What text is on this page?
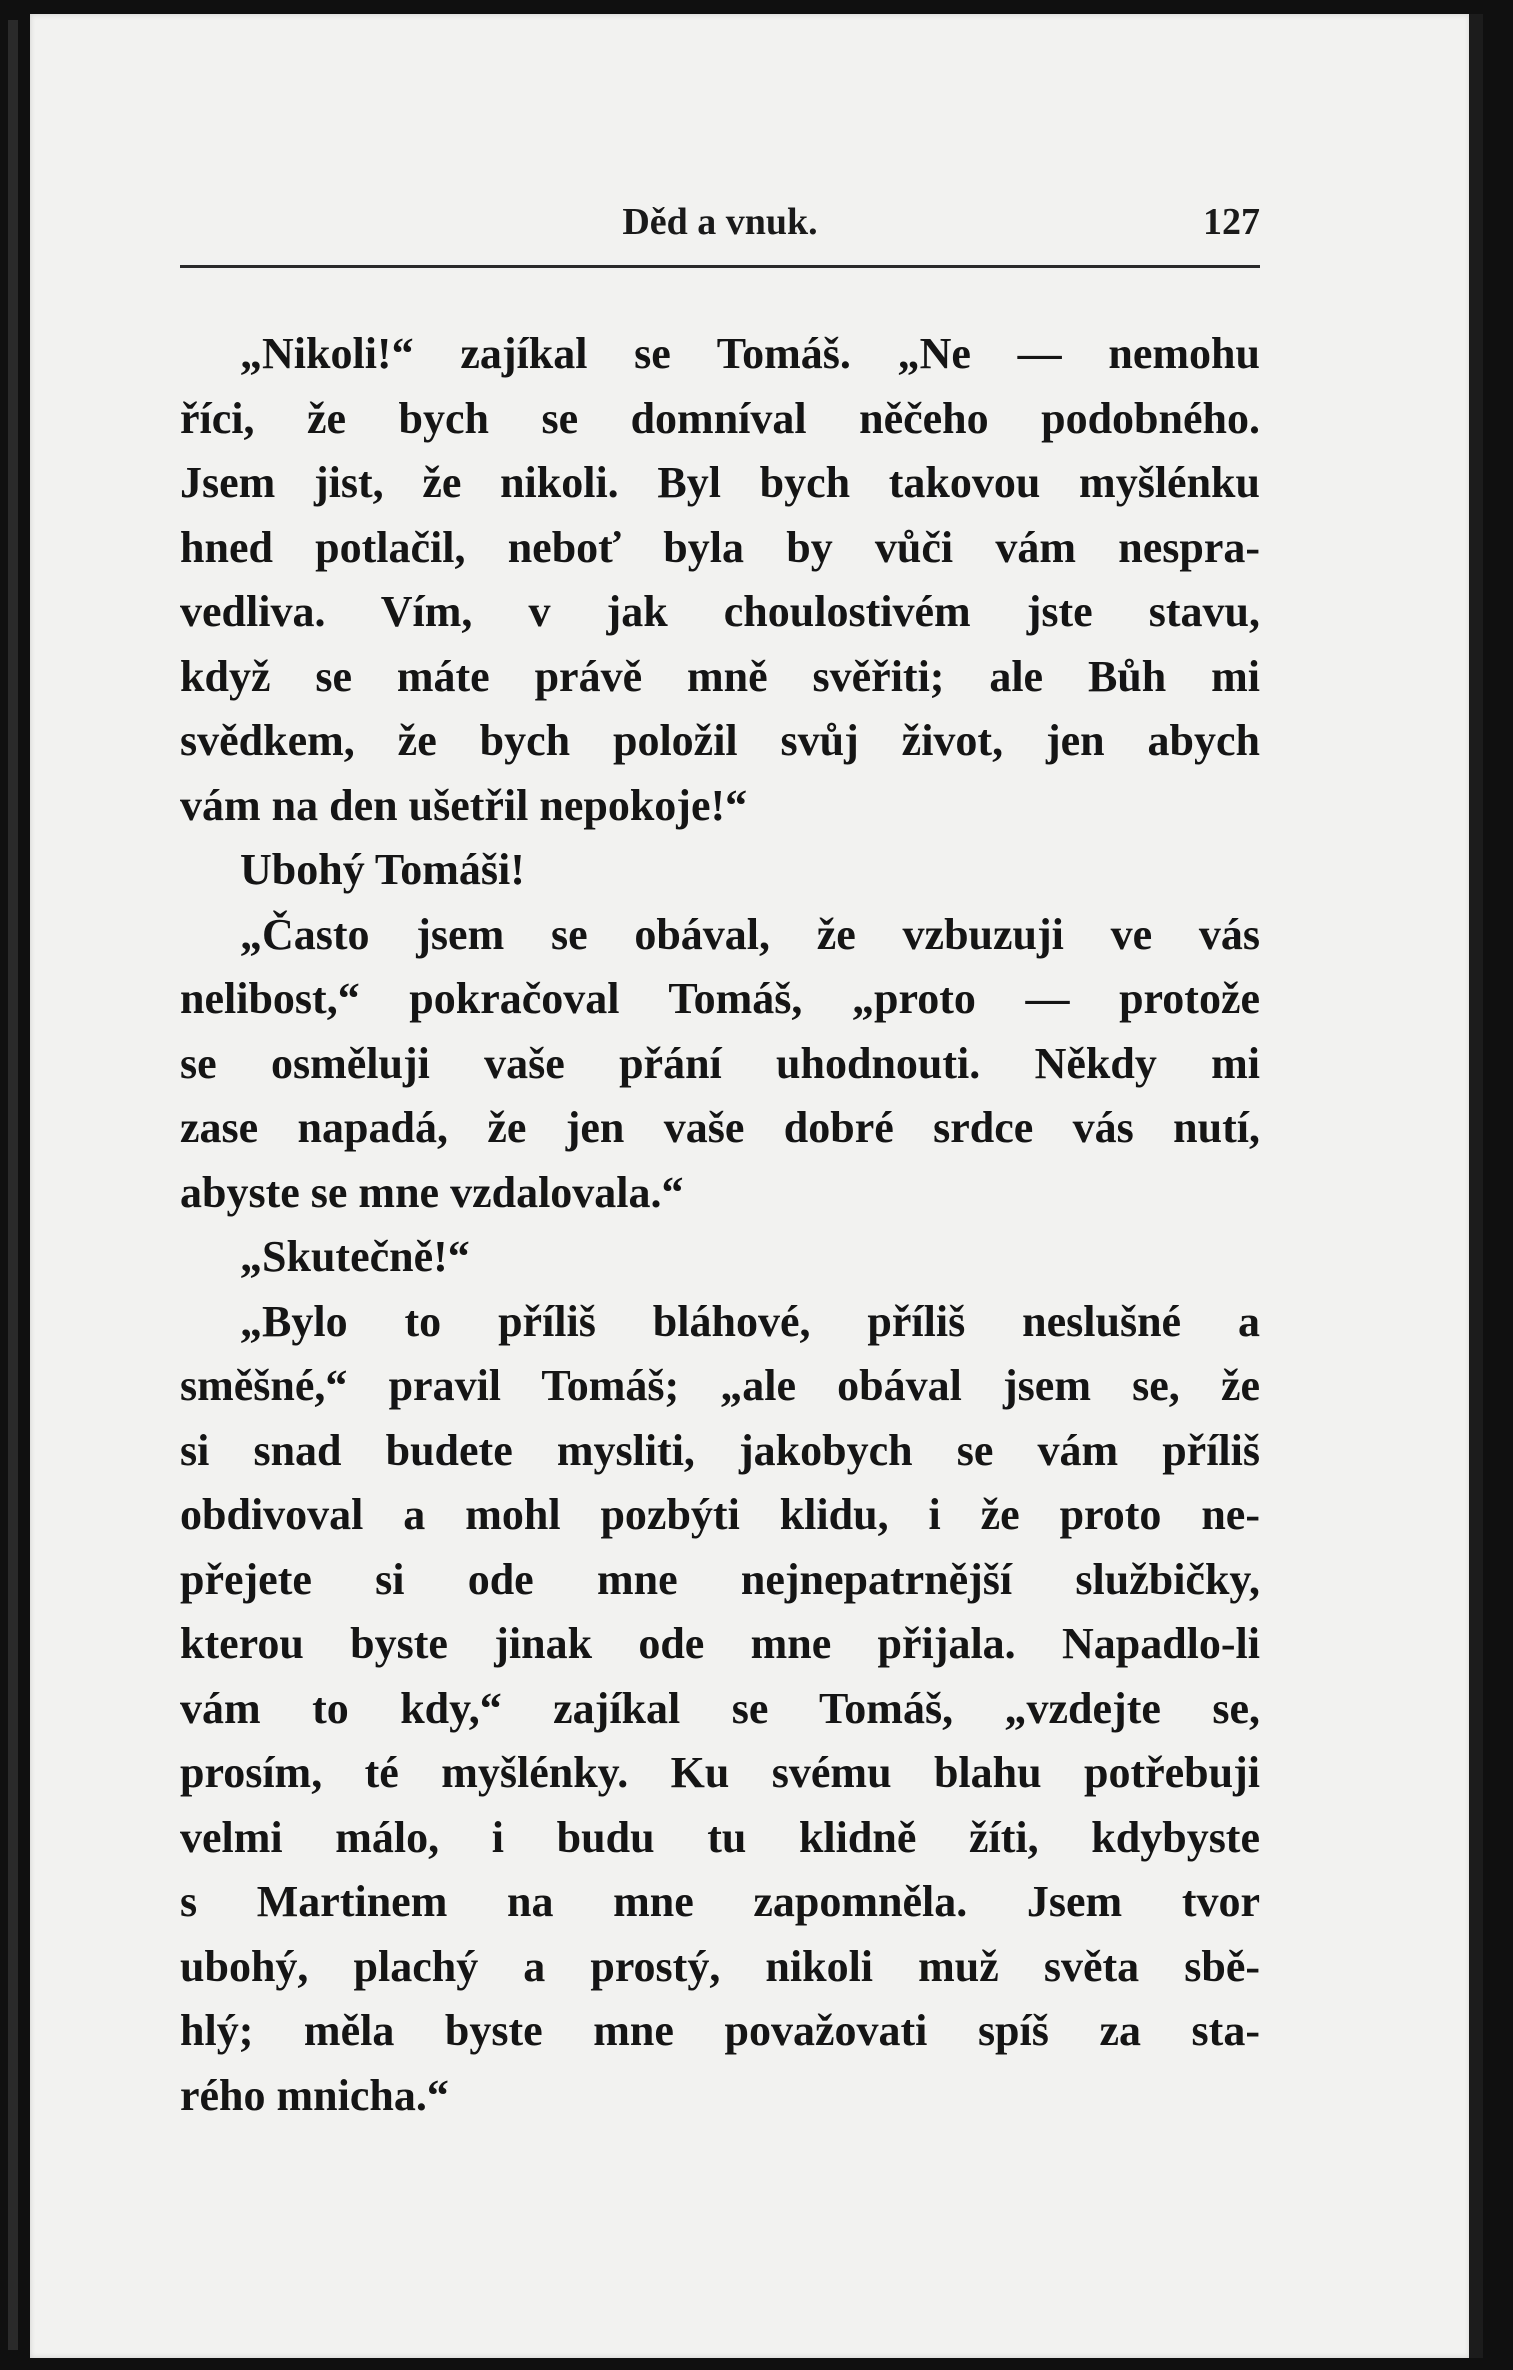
Děd a vnuk.	127
„Nikoli!“ zajíkal se Tomáš. „Ne — nemohu
říci, že bych se domníval něčeho podobného.
Jsem jist, že nikoli. Byl bych takovou myšlénku
hned potlačil, neboť byla by vůči vám nespra-
vedliva. Vím, v jak choulostivém jste stavu,
když se máte právě mně svěřiti; ale Bůh mi
svědkem, že bych položil svůj život, jen abych
vám na den ušetřil nepokoje!“
Ubohý Tomáši!
„Často jsem se obával, že vzbuzuji ve vás
nelibost,“ pokračoval Tomáš, „proto — protože
se osměluji vaše přání uhodnouti. Někdy mi
zase napadá, že jen vaše dobré srdce vás nutí,
abyste se mne vzdalovala.“
„Skutečně!“
„Bylo to příliš bláhové, příliš neslušné a
směšné,“ pravil Tomáš; „ale obával jsem se, že
si snad budete mysliti, jakobych se vám příliš
obdivoval a mohl pozbýti klidu, i že proto ne-
přejete si ode mne nejnepatrnější službičky,
kterou byste jinak ode mne přijala. Napadlo-li
vám to kdy,“ zajíkal se Tomáš, „vzdejte se,
prosím, té myšlénky. Ku svému blahu potřebuji
velmi málo, i budu tu klidně žíti, kdybyste
s Martinem na mne zapomněla. Jsem tvor
ubohý, plachý a prostý, nikoli muž světa sbě-
hlý; měla byste mne považovati spíš za sta-
rého mnicha.“
